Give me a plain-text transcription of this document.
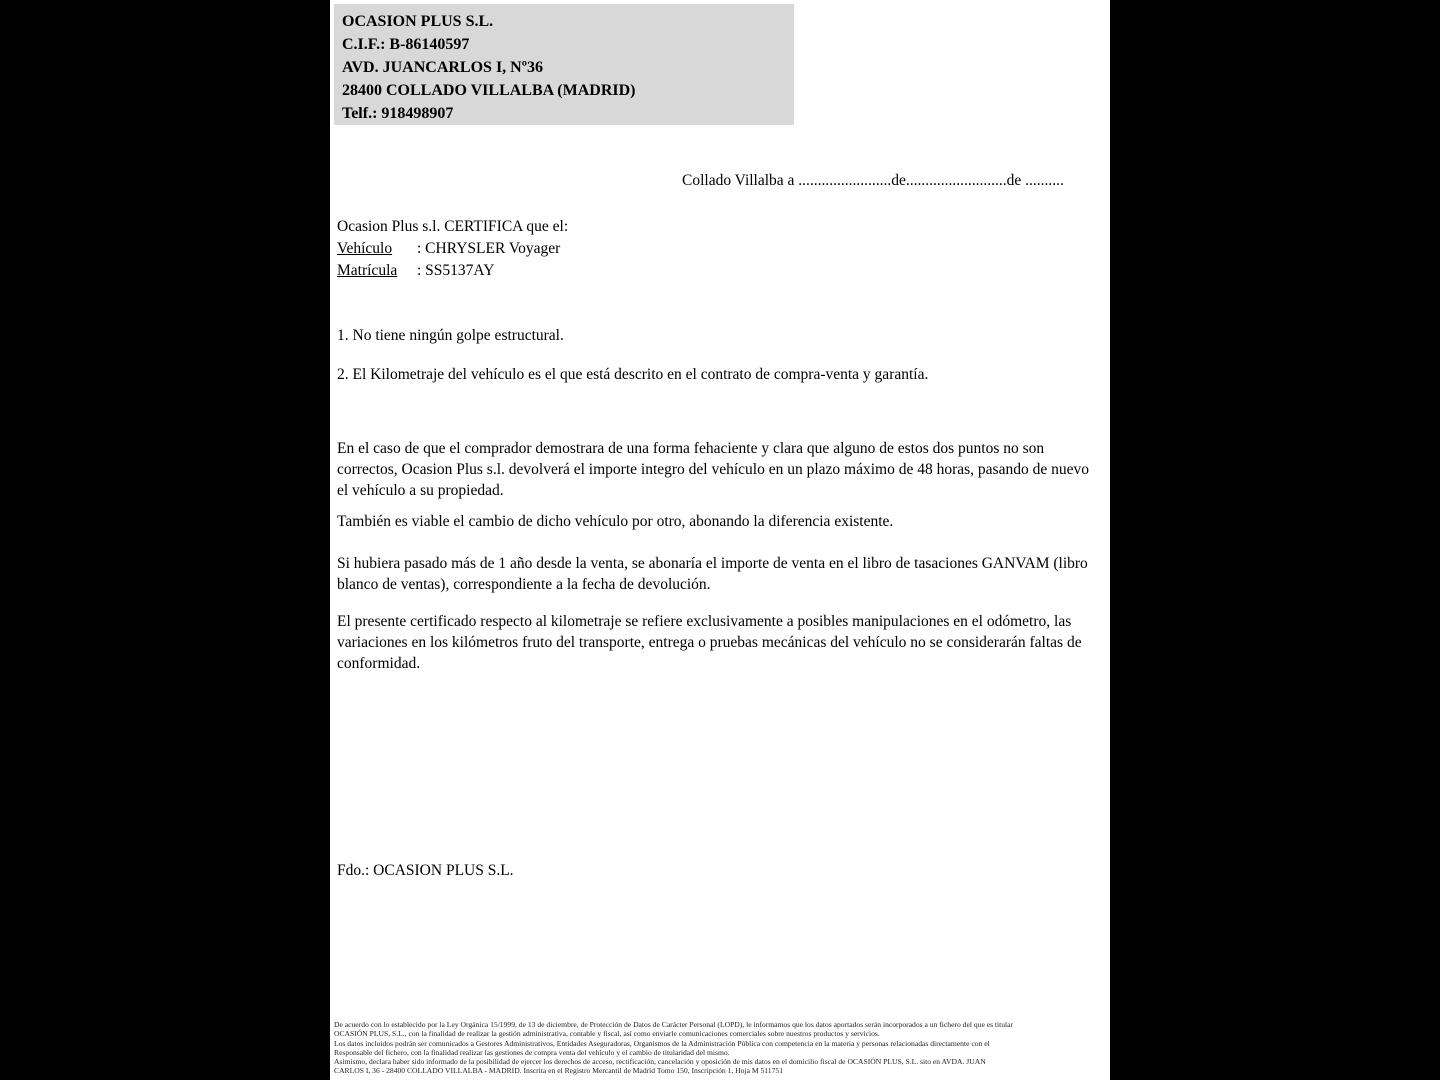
OCASION PLUS S.L.
C.I.F.: B-86140597
AVD. JUANCARLOS I, Nº36
28400 COLLADO VILLALBA (MADRID)
Telf.: 918498907
Collado Villalba a ........................de..........................de ..........
Ocasion Plus s.l. CERTIFICA que el:
Vehículo	: CHRYSLER Voyager
Matrícula	: SS5137AY
1. No tiene ningún golpe estructural.
2. El Kilometraje del vehículo es el que está descrito en el contrato de compra-venta y garantía.
En el caso de que el comprador demostrara de una forma fehaciente y clara que alguno de estos dos puntos no son correctos, Ocasion Plus s.l. devolverá el importe integro del vehículo en un plazo máximo de 48 horas, pasando de nuevo el vehículo a su propiedad.
También es viable el cambio de dicho vehículo por otro, abonando la diferencia existente.
Si hubiera pasado más de 1 año desde la venta, se abonaría el importe de venta en el libro de tasaciones GANVAM (libro blanco de ventas), correspondiente a la fecha de devolución.
El presente certificado respecto al kilometraje se refiere exclusivamente a posibles manipulaciones en el odómetro, las variaciones en los kilómetros fruto del transporte, entrega o pruebas mecánicas del vehículo no se considerarán faltas de conformidad.
Fdo.: OCASION PLUS S.L.
De acuerdo con lo establecido por la Ley Orgánica 15/1999, de 13 de diciembre, de Protección de Datos de Carácter Personal (LOPD), le informamos que los datos aportados serán incorporados a un fichero del que es titular
OCASIÓN PLUS, S.L., con la finalidad de realizar la gestión administrativa, contable y fiscal, así como enviarle comunicaciones comerciales sobre nuestros productos y servicios.
Los datos incluidos podrán ser comunicados a Gestores Administrativos, Entidades Aseguradoras, Organismos de la Administración Pública con competencia en la materia y personas relacionadas directamente con el
Responsable del fichero, con la finalidad realizar las gestiones de compra venta del vehículo y el cambio de titularidad del mismo.
Asimismo, declara haber sido informado de la posibilidad de ejercer los derechos de acceso, rectificación, cancelación y oposición de mis datos en el domicilio fiscal de OCASIÓN PLUS, S.L. sito en AVDA. JUAN
CARLOS I, 36 - 28400 COLLADO VILLALBA - MADRID. Inscrita en el Registro Mercantil de Madrid Tomo 150, Inscripción 1, Hoja M 511751
